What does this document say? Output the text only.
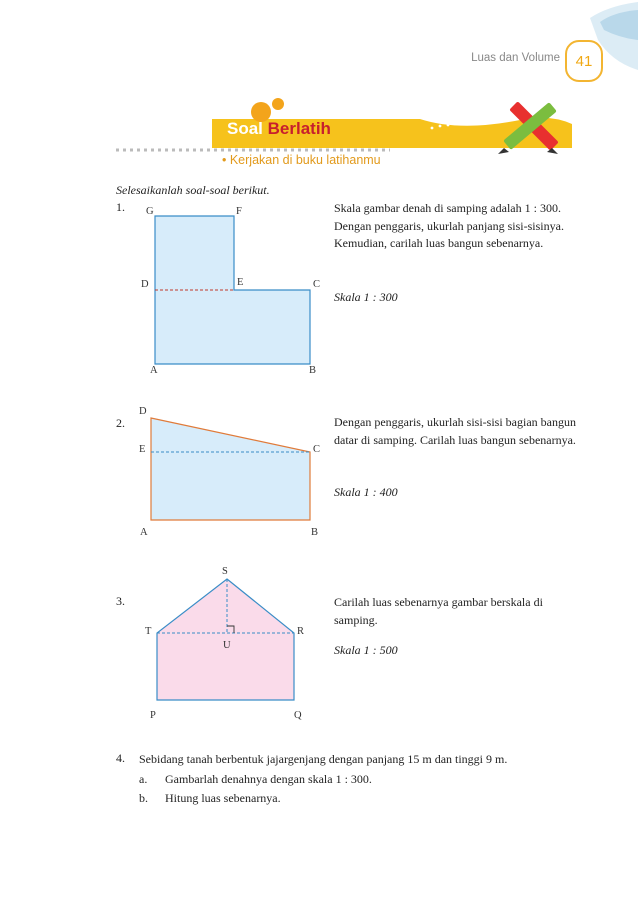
Luas dan Volume	41
Soal Berlatih
• Kerjakan di buku latihanmu
Selesaikanlah soal-soal berikut.
1.	Skala gambar denah di samping adalah 1 : 300. Dengan penggaris, ukurlah panjang sisi-sisinya. Kemudian, carilah luas bangun sebenarnya.
Skala 1 : 300
G	F
D	E	C
A	B
2.	Dengan penggaris, ukurlah sisi-sisi bagian bangun datar di samping. Carilah luas bangun sebenarnya.
Skala 1 : 400
D
E	C
A	B
3.	Carilah luas sebenarnya gambar berskala di samping.
Skala 1 : 500
S
T	R
U
P	Q
4. Sebidang tanah berbentuk jajargenjang dengan panjang 15 m dan tinggi 9 m.
a. Gambarlah denahnya dengan skala 1 : 300.
b. Hitung luas sebenarnya.
